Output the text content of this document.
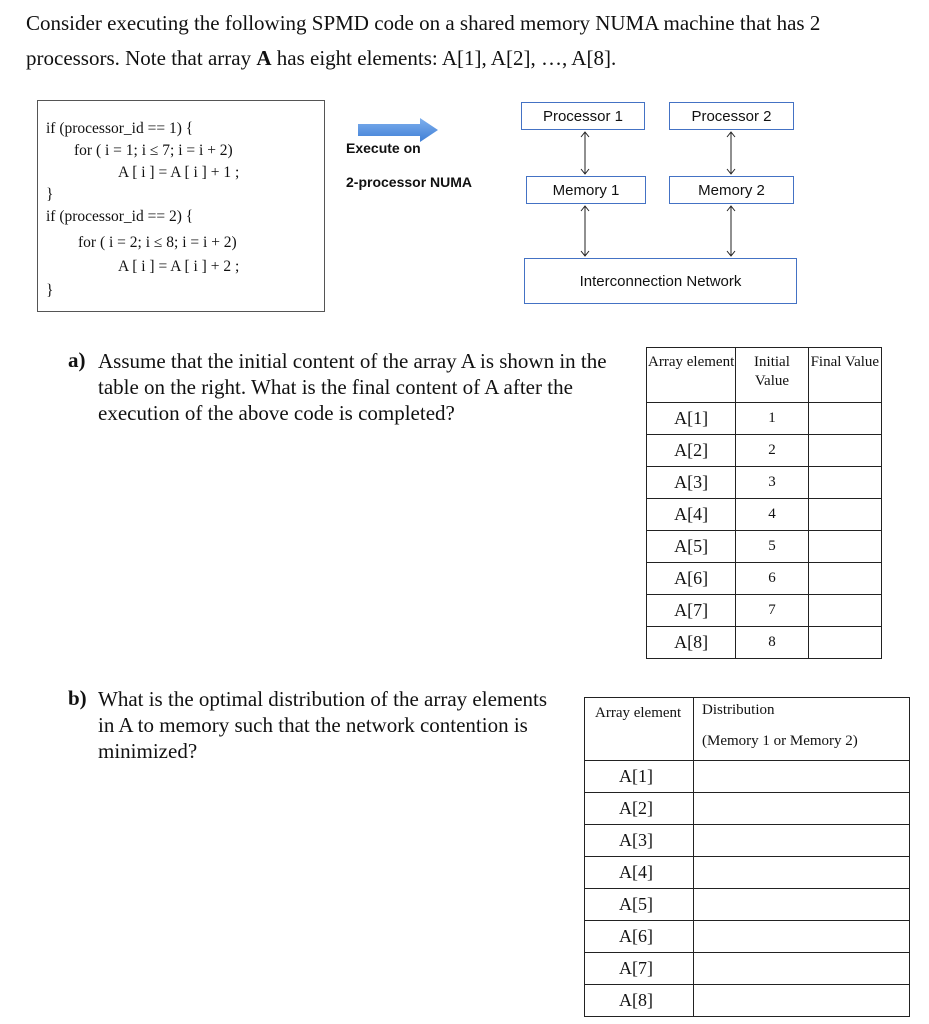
Consider executing the following SPMD code on a shared memory NUMA machine that has 2 processors. Note that array A has eight elements: A[1], A[2], …, A[8].
if (processor_id == 1) {
for ( i = 1; i ≤ 7; i = i + 2)
A [ i ] = A [ i ] + 1 ;
}
if (processor_id == 2) {
for ( i = 2; i ≤ 8; i = i + 2)
A [ i ] = A [ i ] + 2 ;
}
Execute on
2-processor NUMA
Processor 1	Processor 2
Memory 1	Memory 2
Interconnection Network
a) Assume that the initial content of the array A is shown in the table on the right. What is the final content of A after the execution of the above code is completed?
Array element	Initial Value	Final Value
A[1]	1	
A[2]	2	
A[3]	3	
A[4]	4	
A[5]	5	
A[6]	6	
A[7]	7	
A[8]	8	
b) What is the optimal distribution of the array elements in A to memory such that the network contention is minimized?
Array element	Distribution
(Memory 1 or Memory 2)

A[1]	
A[2]	
A[3]	
A[4]	
A[5]	
A[6]	
A[7]	
A[8]	
